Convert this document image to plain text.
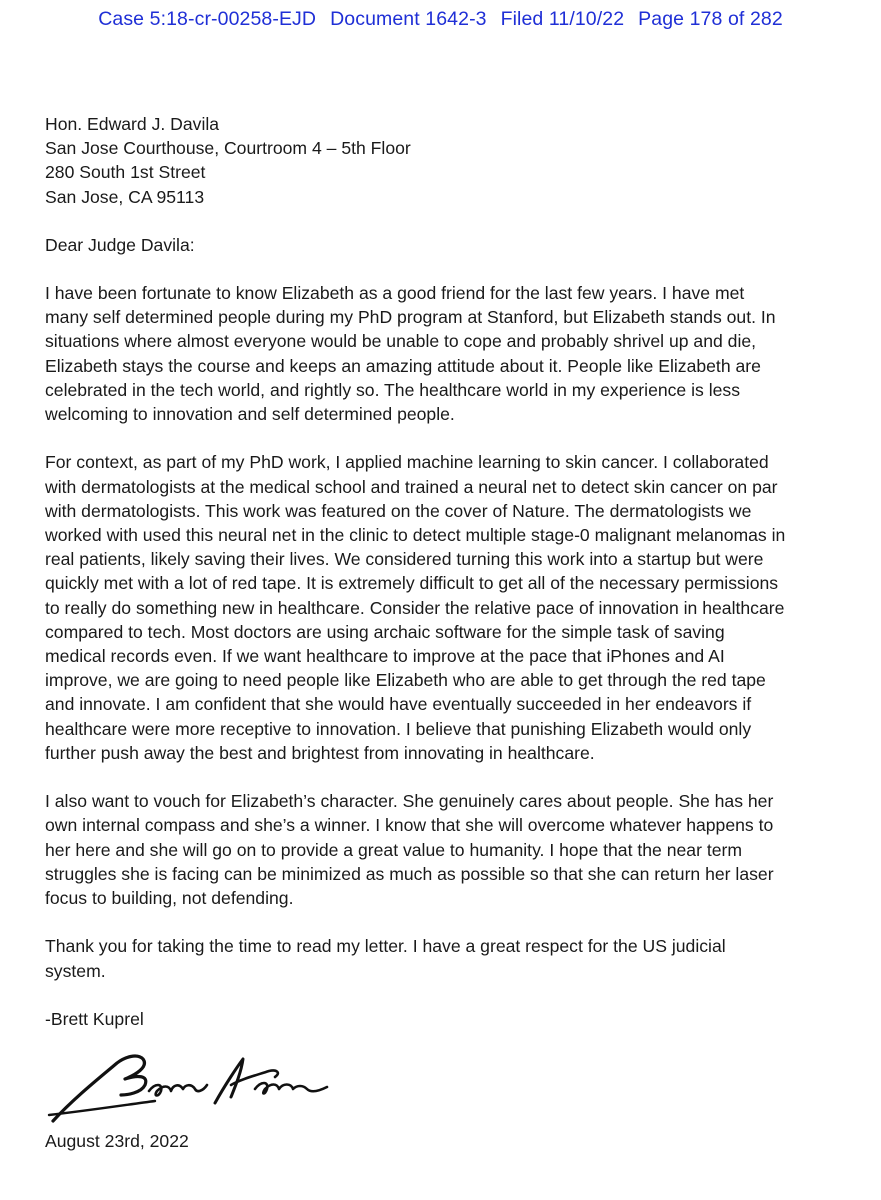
Case 5:18-cr-00258-EJD Document 1642-3 Filed 11/10/22 Page 178 of 282

Hon. Edward J. Davila
San Jose Courthouse, Courtroom 4 – 5th Floor
280 South 1st Street
San Jose, CA 95113

Dear Judge Davila:

I have been fortunate to know Elizabeth as a good friend for the last few years. I have met
many self determined people during my PhD program at Stanford, but Elizabeth stands out. In
situations where almost everyone would be unable to cope and probably shrivel up and die,
Elizabeth stays the course and keeps an amazing attitude about it. People like Elizabeth are
celebrated in the tech world, and rightly so. The healthcare world in my experience is less
welcoming to innovation and self determined people.

For context, as part of my PhD work, I applied machine learning to skin cancer. I collaborated
with dermatologists at the medical school and trained a neural net to detect skin cancer on par
with dermatologists. This work was featured on the cover of Nature. The dermatologists we
worked with used this neural net in the clinic to detect multiple stage-0 malignant melanomas in
real patients, likely saving their lives. We considered turning this work into a startup but were
quickly met with a lot of red tape. It is extremely difficult to get all of the necessary permissions
to really do something new in healthcare. Consider the relative pace of innovation in healthcare
compared to tech. Most doctors are using archaic software for the simple task of saving
medical records even. If we want healthcare to improve at the pace that iPhones and AI
improve, we are going to need people like Elizabeth who are able to get through the red tape
and innovate. I am confident that she would have eventually succeeded in her endeavors if
healthcare were more receptive to innovation. I believe that punishing Elizabeth would only
further push away the best and brightest from innovating in healthcare.

I also want to vouch for Elizabeth’s character. She genuinely cares about people. She has her
own internal compass and she’s a winner. I know that she will overcome whatever happens to
her here and she will go on to provide a great value to humanity. I hope that the near term
struggles she is facing can be minimized as much as possible so that she can return her laser
focus to building, not defending.

Thank you for taking the time to read my letter. I have a great respect for the US judicial
system.

-Brett Kuprel

August 23rd, 2022
